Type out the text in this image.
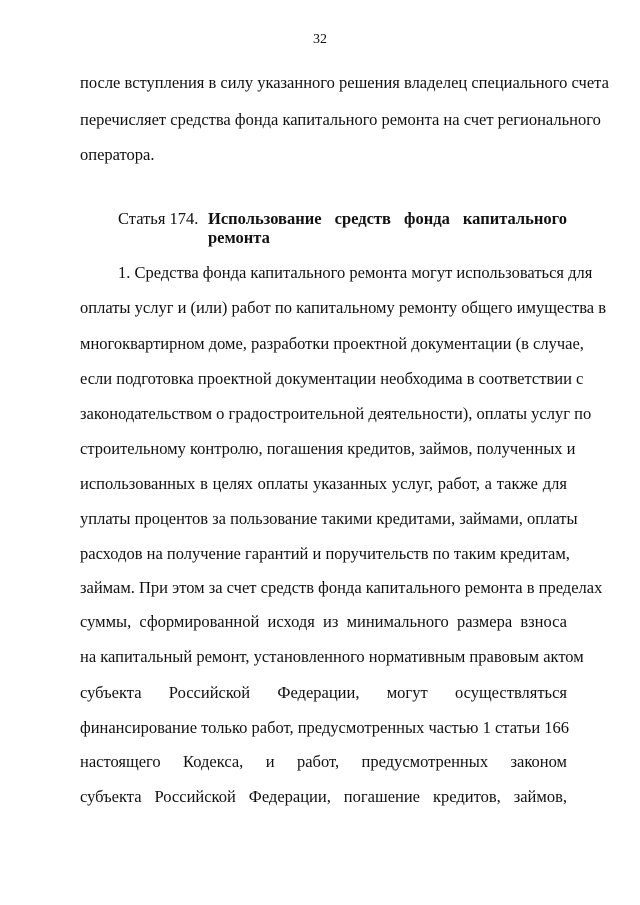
32
после вступления в силу указанного решения владелец специального счета
перечисляет средства фонда капитального ремонта на счет регионального
оператора.
Статья 174. Использование средств фонда капитального
ремонта
1. Средства фонда капитального ремонта могут использоваться для
оплаты услуг и (или) работ по капитальному ремонту общего имущества в
многоквартирном доме, разработки проектной документации (в случае,
если подготовка проектной документации необходима в соответствии с
законодательством о градостроительной деятельности), оплаты услуг по
строительному контролю, погашения кредитов, займов, полученных и
использованных в целях оплаты указанных услуг, работ, а также для
уплаты процентов за пользование такими кредитами, займами, оплаты
расходов на получение гарантий и поручительств по таким кредитам,
займам. При этом за счет средств фонда капитального ремонта в пределах
суммы, сформированной исходя из минимального размера взноса
на капитальный ремонт, установленного нормативным правовым актом
субъекта Российской Федерации, могут осуществляться
финансирование только работ, предусмотренных частью 1 статьи 166
настоящего Кодекса, и работ, предусмотренных законом
субъекта Российской Федерации, погашение кредитов, займов,
